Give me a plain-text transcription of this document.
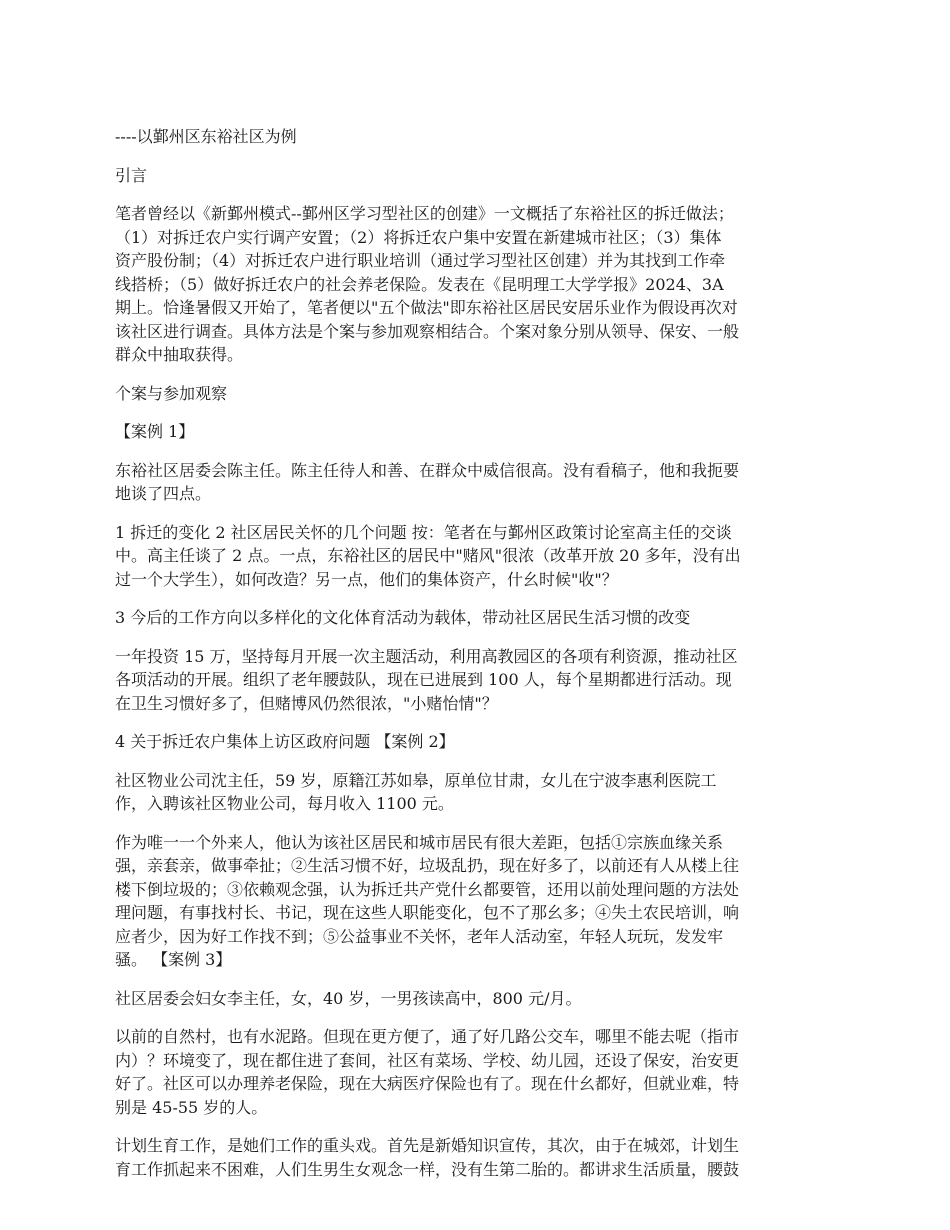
----以鄞州区东裕社区为例

引言

笔者曾经以《新鄞州模式--鄞州区学习型社区的创建》一文概括了东裕社区的拆迁做法；
（1）对拆迁农户实行调产安置；（2）将拆迁农户集中安置在新建城市社区；（3）集体
资产股份制；（4）对拆迁农户进行职业培训（通过学习型社区创建）并为其找到工作牵
线搭桥；（5）做好拆迁农户的社会养老保险。发表在《昆明理工大学学报》2024、3A
期上。恰逢暑假又开始了，笔者便以"五个做法"即东裕社区居民安居乐业作为假设再次对
该社区进行调查。具体方法是个案与参加观察相结合。个案对象分别从领导、保安、一般
群众中抽取获得。

个案与参加观察

【案例 1】

东裕社区居委会陈主任。陈主任待人和善、在群众中威信很高。没有看稿子，他和我扼要
地谈了四点。

1 拆迁的变化 2 社区居民关怀的几个问题 按：笔者在与鄞州区政策讨论室高主任的交谈
中。高主任谈了 2 点。一点，东裕社区的居民中"赌风"很浓（改革开放 20 多年，没有出
过一个大学生），如何改造？另一点，他们的集体资产，什幺时候"收"？

3 今后的工作方向以多样化的文化体育活动为载体，带动社区居民生活习惯的改变

一年投资 15 万，坚持每月开展一次主题活动，利用高教园区的各项有利资源，推动社区
各项活动的开展。组织了老年腰鼓队，现在已进展到 100 人，每个星期都进行活动。现
在卫生习惯好多了，但赌博风仍然很浓，"小赌怡情"？

4 关于拆迁农户集体上访区政府问题 【案例 2】

社区物业公司沈主任，59 岁，原籍江苏如皋，原单位甘肃，女儿在宁波李惠利医院工
作，入聘该社区物业公司，每月收入 1100 元。

作为唯一一个外来人，他认为该社区居民和城市居民有很大差距，包括①宗族血缘关系
强，亲套亲，做事牵扯；②生活习惯不好，垃圾乱扔，现在好多了，以前还有人从楼上往
楼下倒垃圾的；③依赖观念强，认为拆迁共产党什幺都要管，还用以前处理问题的方法处
理问题，有事找村长、书记，现在这些人职能变化，包不了那幺多；④失土农民培训，响
应者少，因为好工作找不到；⑤公益事业不关怀，老年人活动室，年轻人玩玩，发发牢
骚。 【案例 3】

社区居委会妇女李主任，女，40 岁，一男孩读高中，800 元/月。

以前的自然村，也有水泥路。但现在更方便了，通了好几路公交车，哪里不能去呢（指市
内）？环境变了，现在都住进了套间，社区有菜场、学校、幼儿园，还设了保安，治安更
好了。社区可以办理养老保险，现在大病医疗保险也有了。现在什幺都好，但就业难，特
别是 45-55 岁的人。

计划生育工作，是她们工作的重头戏。首先是新婚知识宣传，其次，由于在城郊，计划生
育工作抓起来不困难，人们生男生女观念一样，没有生第二胎的。都讲求生活质量，腰鼓
